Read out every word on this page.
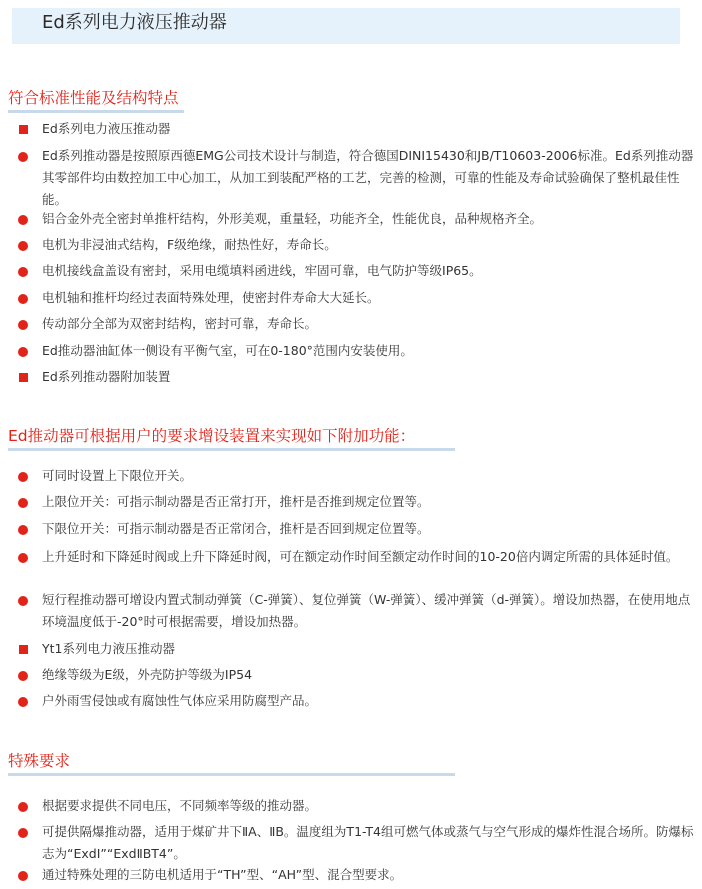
Ed系列电力液压推动器
符合标准性能及结构特点
Ed系列电力液压推动器
Ed系列推动器是按照原西德EMG公司技术设计与制造，符合德国DINI15430和JB/T10603-2006标准。Ed系列推动器其零部件均由数控加工中心加工，从加工到装配严格的工艺，完善的检测，可靠的性能及寿命试验确保了整机最佳性能。
铝合金外壳全密封单推杆结构，外形美观，重量轻，功能齐全，性能优良，品种规格齐全。
电机为非浸油式结构，F级绝缘，耐热性好，寿命长。
电机接线盒盖设有密封，采用电缆填料函进线，牢固可靠，电气防护等级IP65。
电机轴和推杆均经过表面特殊处理，使密封件寿命大大延长。
传动部分全部为双密封结构，密封可靠，寿命长。
Ed推动器油缸体一侧设有平衡气室，可在0-180°范围内安装使用。
Ed系列推动器附加装置
Ed推动器可根据用户的要求增设装置来实现如下附加功能：
可同时设置上下限位开关。
上限位开关：可指示制动器是否正常打开，推杆是否推到规定位置等。
下限位开关：可指示制动器是否正常闭合，推杆是否回到规定位置等。
上升延时和下降延时阀或上升下降延时阀，可在额定动作时间至额定动作时间的10-20倍内调定所需的具体延时值。
短行程推动器可增设内置式制动弹簧（C-弹簧）、复位弹簧（W-弹簧）、缓冲弹簧（d-弹簧）。增设加热器，在使用地点环境温度低于-20°时可根据需要，增设加热器。
Yt1系列电力液压推动器
绝缘等级为E级，外壳防护等级为IP54
户外雨雪侵蚀或有腐蚀性气体应采用防腐型产品。
特殊要求
根据要求提供不同电压，不同频率等级的推动器。
可提供隔爆推动器，适用于煤矿井下ⅡA、ⅡB。温度组为T1-T4组可燃气体或蒸气与空气形成的爆炸性混合场所。防爆标志为“ExdⅠ”“ExdⅡBT4”。
通过特殊处理的三防电机适用于“TH”型、“AH”型、混合型要求。
